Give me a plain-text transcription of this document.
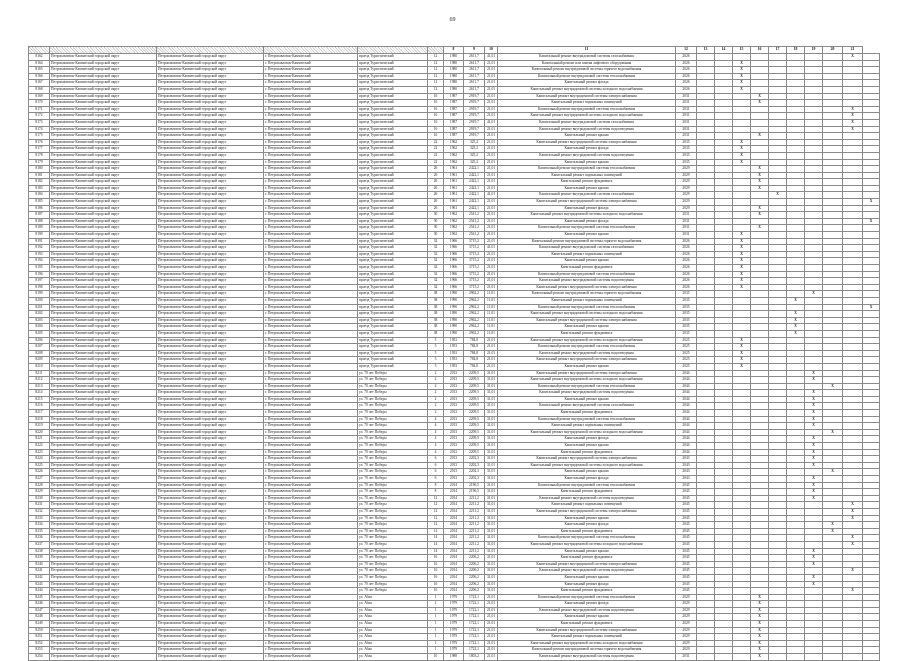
69
						8	9	10	11	12	13	14	15	16	17	18	19	20	21	
8162	Петропавловск-Камчатский городской округ	Петропавловск-Камчатский городской округ	г. Петропавловск-Камчатский	проезд Туристический	12	1980	2611,7	41,01	Капитальный ремонт внутридомовой системы газоснабжения	2026									X	
8164	Петропавловск-Камчатский городской округ	Петропавловск-Камчатский городской округ	г. Петропавловск-Камчатский	проезд Туристический	12	1980	2611,7	21,01	Капитальный ремонт или замена лифтового оборудования	2026			X							
8165	Петропавловск-Камчатский городской округ	Петропавловск-Камчатский городской округ	г. Петропавловск-Камчатский	проезд Туристический	12	1980	2611,7	21,01	Капитальный ремонт внутридомовой системы горячего водоснабжения	2026			X							
8166	Петропавловск-Камчатский городской округ	Петропавловск-Камчатский городской округ	г. Петропавловск-Камчатский	проезд Туристический	12	1980	2611,7	21,01	Капитальный ремонт внутридомовой системы теплоснабжения	2026			X							
8167	Петропавловск-Камчатский городской округ	Петропавловск-Камчатский городской округ	г. Петропавловск-Камчатский	проезд Туристический	12	1980	2611,7	21,01	Капитальный ремонт фасада	2026			X							
8168	Петропавловск-Камчатский городской округ	Петропавловск-Камчатский городской округ	г. Петропавловск-Камчатский	проезд Туристический	12	1980	2611,7	21,01	Капитальный ремонт внутридомовой системы холодного водоснабжения	2026			X							
8169	Петропавловск-Камчатский городской округ	Петропавловск-Камчатский городской округ	г. Петропавловск-Камчатский	проезд Туристический	16	1987	2919,7	21,01	Капитальный ремонт внутридомовой системы электроснабжения	2031				X						
8170	Петропавловск-Камчатский городской округ	Петропавловск-Камчатский городской округ	г. Петропавловск-Камчатский	проезд Туристический	16	1987	2919,7	21,01	Капитальный ремонт подвальных помещений	2031				X						
8171	Петропавловск-Камчатский городской округ	Петропавловск-Камчатский городской округ	г. Петропавловск-Камчатский	проезд Туристический	16	1987	2919,7	21,01	Капитальный ремонт внутридомовой системы теплоснабжения	2031									X	
8172	Петропавловск-Камчатский городской округ	Петропавловск-Камчатский городской округ	г. Петропавловск-Камчатский	проезд Туристический	16	1987	2919,7	21,01	Капитальный ремонт внутридомовой системы холодного водоснабжения	2031									X	
8173	Петропавловск-Камчатский городской округ	Петропавловск-Камчатский городской округ	г. Петропавловск-Камчатский	проезд Туристический	16	1987	2919,7	41,01	Капитальный ремонт внутридомовой системы газоснабжения	2031									X	
8174	Петропавловск-Камчатский городской округ	Петропавловск-Камчатский городской округ	г. Петропавловск-Камчатский	проезд Туристический	16	1987	2919,7	21,01	Капитальный ремонт внутридомовой системы водоотведения	2031									X	
8175	Петропавловск-Камчатский городской округ	Петропавловск-Камчатский городской округ	г. Петропавловск-Камчатский	проезд Туристический	16	1987	2919,7	21,01	Капитальный ремонт крыши	2031				X						
8176	Петропавловск-Камчатский городской округ	Петропавловск-Камчатский городской округ	г. Петропавловск-Камчатский	проезд Туристический	22	1962	325,2	21,01	Капитальный ремонт внутридомовой системы электроснабжения	2035			X							
8177	Петропавловск-Камчатский городской округ	Петропавловск-Камчатский городской округ	г. Петропавловск-Камчатский	проезд Туристический	22	1962	325,2	21,01	Капитальный ремонт фасада	2035			X							
8178	Петропавловск-Камчатский городской округ	Петропавловск-Камчатский городской округ	г. Петропавловск-Камчатский	проезд Туристический	22	1962	325,2	21,01	Капитальный ремонт внутридомовой системы водоотведения	2035			X							
8179	Петропавловск-Камчатский городской округ	Петропавловск-Камчатский городской округ	г. Петропавловск-Камчатский	проезд Туристический	22	1962	325,2	21,01	Капитальный ремонт крыши	2035			X							
8180	Петропавловск-Камчатский городской округ	Петропавловск-Камчатский городской округ	г. Петропавловск-Камчатский	проезд Туристический	26	1961	2422,1	21,01	Капитальный ремонт внутридомовой системы теплоснабжения	2029				X						
8181	Петропавловск-Камчатский городской округ	Петропавловск-Камчатский городской округ	г. Петропавловск-Камчатский	проезд Туристический	26	1961	2422,1	21,01	Капитальный ремонт подвальных помещений	2029				X						
8182	Петропавловск-Камчатский городской округ	Петропавловск-Камчатский городской округ	г. Петропавловск-Камчатский	проезд Туристический	26	1961	2422,1	21,01	Капитальный ремонт фундамента	2029				X						
8183	Петропавловск-Камчатский городской округ	Петропавловск-Камчатский городской округ	г. Петропавловск-Камчатский	проезд Туристический	26	1961	2422,1	21,01	Капитальный ремонт крыши	2029				X						
8184	Петропавловск-Камчатский городской округ	Петропавловск-Камчатский городской округ	г. Петропавловск-Камчатский	проезд Туристический	26	1961	2422,1	41,01	Капитальный ремонт внутридомовой системы газоснабжения	2029					X					
8185	Петропавловск-Камчатский городской округ	Петропавловск-Камчатский городской округ	г. Петропавловск-Камчатский	проезд Туристический	26	1961	2422,1	21,01	Капитальный ремонт внутридомовой системы электроснабжения	2029										X
8186	Петропавловск-Камчатский городской округ	Петропавловск-Камчатский городской округ	г. Петропавловск-Камчатский	проезд Туристический	26	1961	2422,1	21,01	Капитальный ремонт фасада	2029				X						
8187	Петропавловск-Камчатский городской округ	Петропавловск-Камчатский городской округ	г. Петропавловск-Камчатский	проезд Туристический	30	1962	2541,2	21,01	Капитальный ремонт внутридомовой системы холодного водоснабжения	2031				X						
8188	Петропавловск-Камчатский городской округ	Петропавловск-Камчатский городской округ	г. Петропавловск-Камчатский	проезд Туристический	30	1962	2541,2	21,01	Капитальный ремонт фасада	2031										X
8189	Петропавловск-Камчатский городской округ	Петропавловск-Камчатский городской округ	г. Петропавловск-Камчатский	проезд Туристический	30	1962	2541,2	21,01	Капитальный ремонт внутридомовой системы теплоснабжения	2031				X						
8190	Петропавловск-Камчатский городской округ	Петропавловск-Камчатский городской округ	г. Петропавловск-Камчатский	проезд Туристический	30	1962	2541,2	21,01	Капитальный ремонт крыши	2031			X							
8191	Петропавловск-Камчатский городской округ	Петропавловск-Камчатский городской округ	г. Петропавловск-Камчатский	проезд Туристический	32	1966	3715,2	21,01	Капитальный ремонт внутридомовой системы горячего водоснабжения	2026			X							
8192	Петропавловск-Камчатский городской округ	Петропавловск-Камчатский городской округ	г. Петропавловск-Камчатский	проезд Туристический	32	1966	3715,2	41,01	Капитальный ремонт внутридомовой системы газоснабжения	2026			X							
8193	Петропавловск-Камчатский городской округ	Петропавловск-Камчатский городской округ	г. Петропавловск-Камчатский	проезд Туристический	32	1966	3715,2	21,01	Капитальный ремонт подвальных помещений	2026			X							
8194	Петропавловск-Камчатский городской округ	Петропавловск-Камчатский городской округ	г. Петропавловск-Камчатский	проезд Туристический	32	1966	3715,2	21,01	Капитальный ремонт крыши	2026			X							
8195	Петропавловск-Камчатский городской округ	Петропавловск-Камчатский городской округ	г. Петропавловск-Камчатский	проезд Туристический	32	1966	3715,2	21,01	Капитальный ремонт фундамента	2026			X							
8196	Петропавловск-Камчатский городской округ	Петропавловск-Камчатский городской округ	г. Петропавловск-Камчатский	проезд Туристический	32	1966	3715,2	21,01	Капитальный ремонт внутридомовой системы теплоснабжения	2026			X							
8197	Петропавловск-Камчатский городской округ	Петропавловск-Камчатский городской округ	г. Петропавловск-Камчатский	проезд Туристический	32	1966	3715,2	21,01	Капитальный ремонт внутридомовой системы водоотведения	2026			X							
8198	Петропавловск-Камчатский городской округ	Петропавловск-Камчатский городской округ	г. Петропавловск-Камчатский	проезд Туристический	32	1966	3715,2	21,01	Капитальный ремонт внутридомовой системы электроснабжения	2026			X							
8199	Петропавловск-Камчатский городской округ	Петропавловск-Камчатский городской округ	г. Петропавловск-Камчатский	проезд Туристический	38	1990	2962,2	11,01	Капитальный ремонт внутридомовой системы горячего водоснабжения	2035							X			
8200	Петропавловск-Камчатский городской округ	Петропавловск-Камчатский городской округ	г. Петропавловск-Камчатский	проезд Туристический	38	1990	2962,2	11,01	Капитальный ремонт подвальных помещений	2035						X				
8201	Петропавловск-Камчатский городской округ	Петропавловск-Камчатский городской округ	г. Петропавловск-Камчатский	проезд Туристический	38	1990	2962,2	11,01	Капитальный ремонт внутридомовой системы теплоснабжения	2035										X
8202	Петропавловск-Камчатский городской округ	Петропавловск-Камчатский городской округ	г. Петропавловск-Камчатский	проезд Туристический	38	1990	2962,2	11,01	Капитальный ремонт внутридомовой системы холодного водоснабжения	2035						X				
8203	Петропавловск-Камчатский городской округ	Петропавловск-Камчатский городской округ	г. Петропавловск-Камчатский	проезд Туристический	38	1990	2962,2	11,01	Капитальный ремонт внутридомовой системы электроснабжения	2035						X				
8204	Петропавловск-Камчатский городской округ	Петропавловск-Камчатский городской округ	г. Петропавловск-Камчатский	проезд Туристический	38	1990	2962,2	11,01	Капитальный ремонт крыши	2035						X				
8205	Петропавловск-Камчатский городской округ	Петропавловск-Камчатский городской округ	г. Петропавловск-Камчатский	проезд Туристический	38	1990	2962,2	11,01	Капитальный ремонт фундамента	2035						X				
8206	Петропавловск-Камчатский городской округ	Петропавловск-Камчатский городской округ	г. Петропавловск-Камчатский	проезд Туристический	5	1953	784,8	21,01	Капитальный ремонт внутридомовой системы холодного водоснабжения	2025			X							
8207	Петропавловск-Камчатский городской округ	Петропавловск-Камчатский городской округ	г. Петропавловск-Камчатский	проезд Туристический	5	1953	784,8	21,01	Капитальный ремонт внутридомовой системы теплоснабжения	2025			X							
8208	Петропавловск-Камчатский городской округ	Петропавловск-Камчатский городской округ	г. Петропавловск-Камчатский	проезд Туристический	5	1953	784,8	21,01	Капитальный ремонт внутридомовой системы водоотведения	2025			X							
8209	Петропавловск-Камчатский городской округ	Петропавловск-Камчатский городской округ	г. Петропавловск-Камчатский	проезд Туристический	5	1953	784,8	21,01	Капитальный ремонт внутридомовой системы электроснабжения	2025			X							
8210	Петропавловск-Камчатский городской округ	Петропавловск-Камчатский городской округ	г. Петропавловск-Камчатский	проезд Туристический	5	1953	784,8	21,01	Капитальный ремонт крыши	2025			X							
8211	Петропавловск-Камчатский городской округ	Петропавловск-Камчатский городской округ	г. Петропавловск-Камчатский	ул. 70 лет Победы	2	2013	2209,5	31,01	Капитальный ремонт внутридомовой системы электроснабжения	2044							X			
8212	Петропавловск-Камчатский городской округ	Петропавловск-Камчатский городской округ	г. Петропавловск-Камчатский	ул. 70 лет Победы	2	2013	2209,5	31,01	Капитальный ремонт внутридомовой системы холодного водоснабжения	2044							X			
8213	Петропавловск-Камчатский городской округ	Петропавловск-Камчатский городской округ	г. Петропавловск-Камчатский	ул. 70 лет Победы	2	2013	2209,5	31,01	Капитальный ремонт внутридомовой системы теплоснабжения	2044								X		
8214	Петропавловск-Камчатский городской округ	Петропавловск-Камчатский городской округ	г. Петропавловск-Камчатский	ул. 70 лет Победы	2	2013	2209,5	31,01	Капитальный ремонт внутридомовой системы водоотведения	2044							X			
8215	Петропавловск-Камчатский городской округ	Петропавловск-Камчатский городской округ	г. Петропавловск-Камчатский	ул. 70 лет Победы	2	2013	2209,5	31,01	Капитальный ремонт крыши	2044							X			
8216	Петропавловск-Камчатский городской округ	Петропавловск-Камчатский городской округ	г. Петропавловск-Камчатский	ул. 70 лет Победы	2	2013	2209,5	31,01	Капитальный ремонт внутридомовой системы газоснабжения	2044							X			
8217	Петропавловск-Камчатский городской округ	Петропавловск-Камчатский городской округ	г. Петропавловск-Камчатский	ул. 70 лет Победы	2	2013	2209,5	31,01	Капитальный ремонт фундамента	2044							X			
8218	Петропавловск-Камчатский городской округ	Петропавловск-Камчатский городской округ	г. Петропавловск-Камчатский	ул. 70 лет Победы	4	2013	2209,5	31,01	Капитальный ремонт внутридомовой системы теплоснабжения	2044							X			
8219	Петропавловск-Камчатский городской округ	Петропавловск-Камчатский городской округ	г. Петропавловск-Камчатский	ул. 70 лет Победы	4	2013	2209,5	31,01	Капитальный ремонт подвальных помещений	2044							X			
8220	Петропавловск-Камчатский городской округ	Петропавловск-Камчатский городской округ	г. Петропавловск-Камчатский	ул. 70 лет Победы	4	2013	2209,5	31,01	Капитальный ремонт внутридомовой системы холодного водоснабжения	2044								X		
8221	Петропавловск-Камчатский городской округ	Петропавловск-Камчатский городской округ	г. Петропавловск-Камчатский	ул. 70 лет Победы	4	2013	2209,5	31,01	Капитальный ремонт фасада	2044							X			
8222	Петропавловск-Камчатский городской округ	Петропавловск-Камчатский городской округ	г. Петропавловск-Камчатский	ул. 70 лет Победы	4	2013	2209,5	31,01	Капитальный ремонт крыши	2044							X			
8223	Петропавловск-Камчатский городской округ	Петропавловск-Камчатский городской округ	г. Петропавловск-Камчатский	ул. 70 лет Победы	4	2013	2209,5	31,01	Капитальный ремонт фундамента	2044							X			
8224	Петропавловск-Камчатский городской округ	Петропавловск-Камчатский городской округ	г. Петропавловск-Камчатский	ул. 70 лет Победы	6	2013	2202,3	31,01	Капитальный ремонт внутридомовой системы электроснабжения	2043							X			
8225	Петропавловск-Камчатский городской округ	Петропавловск-Камчатский городской округ	г. Петропавловск-Камчатский	ул. 70 лет Победы	6	2013	2202,3	31,01	Капитальный ремонт внутридомовой системы холодного водоснабжения	2043							X			
8226	Петропавловск-Камчатский городской округ	Петропавловск-Камчатский городской округ	г. Петропавловск-Камчатский	ул. 70 лет Победы	6	2013	2202,3	31,01	Капитальный ремонт крыши	2043								X		
8227	Петропавловск-Камчатский городской округ	Петропавловск-Камчатский городской округ	г. Петропавловск-Камчатский	ул. 70 лет Победы	6	2013	2202,3	31,01	Капитальный ремонт фасада	2043							X			
8228	Петропавловск-Камчатский городской округ	Петропавловск-Камчатский городской округ	г. Петропавловск-Камчатский	ул. 70 лет Победы	8	2014	2196,5	31,01	Капитальный ремонт внутридомовой системы теплоснабжения	2045							X			
8229	Петропавловск-Камчатский городской округ	Петропавловск-Камчатский городской округ	г. Петропавловск-Камчатский	ул. 70 лет Победы	8	2014	2196,5	31,01	Капитальный ремонт фундамента	2045							X			
8230	Петропавловск-Камчатский городской округ	Петропавловск-Камчатский городской округ	г. Петропавловск-Камчатский	ул. 70 лет Победы	12	2014	2211,2	31,01	Капитальный ремонт внутридомовой системы водоотведения	2045							X			
8231	Петропавловск-Камчатский городской округ	Петропавловск-Камчатский городской округ	г. Петропавловск-Камчатский	ул. 70 лет Победы	12	2014	2211,2	31,01	Капитальный ремонт подвальных помещений	2045									X	
8232	Петропавловск-Камчатский городской округ	Петропавловск-Камчатский городской округ	г. Петропавловск-Камчатский	ул. 70 лет Победы	12	2014	2211,2	31,01	Капитальный ремонт внутридомовой системы электроснабжения	2045									X	
8233	Петропавловск-Камчатский городской округ	Петропавловск-Камчатский городской округ	г. Петропавловск-Камчатский	ул. 70 лет Победы	12	2014	2211,2	31,01	Капитальный ремонт крыши	2045									X	
8234	Петропавловск-Камчатский городской округ	Петропавловск-Камчатский городской округ	г. Петропавловск-Камчатский	ул. 70 лет Победы	12	2014	2211,2	31,01	Капитальный ремонт фасада	2045								X		
8235	Петропавловск-Камчатский городской округ	Петропавловск-Камчатский городской округ	г. Петропавловск-Камчатский	ул. 70 лет Победы	12	2014	2211,2	31,01	Капитальный ремонт фундамента	2045								X		
8236	Петропавловск-Камчатский городской округ	Петропавловск-Камчатский городской округ	г. Петропавловск-Камчатский	ул. 70 лет Победы	14	2014	2211,2	31,01	Капитальный ремонт внутридомовой системы теплоснабжения	2045									X	
8237	Петропавловск-Камчатский городской округ	Петропавловск-Камчатский городской округ	г. Петропавловск-Камчатский	ул. 70 лет Победы	14	2014	2211,2	31,01	Капитальный ремонт внутридомовой системы холодного водоснабжения	2045									X	
8238	Петропавловск-Камчатский городской округ	Петропавловск-Камчатский городской округ	г. Петропавловск-Камчатский	ул. 70 лет Победы	14	2014	2211,2	31,01	Капитальный ремонт крыши	2045							X			
8239	Петропавловск-Камчатский городской округ	Петропавловск-Камчатский городской округ	г. Петропавловск-Камчатский	ул. 70 лет Победы	16	2014	2206,2	31,01	Капитальный ремонт фундамента	2045							X			
8240	Петропавловск-Камчатский городской округ	Петропавловск-Камчатский городской округ	г. Петропавловск-Камчатский	ул. 70 лет Победы	16	2014	2206,2	31,01	Капитальный ремонт внутридомовой системы электроснабжения	2045							X			
8241	Петропавловск-Камчатский городской округ	Петропавловск-Камчатский городской округ	г. Петропавловск-Камчатский	ул. 70 лет Победы	16	2014	2206,2	31,01	Капитальный ремонт внутридомовой системы водоотведения	2045									X	
8242	Петропавловск-Камчатский городской округ	Петропавловск-Камчатский городской округ	г. Петропавловск-Камчатский	ул. 70 лет Победы	16	2014	2206,2	31,01	Капитальный ремонт крыши	2045							X			
8243	Петропавловск-Камчатский городской округ	Петропавловск-Камчатский городской округ	г. Петропавловск-Камчатский	ул. 70 лет Победы	16	2014	2206,2	31,01	Капитальный ремонт фасада	2045							X			
8244	Петропавловск-Камчатский городской округ	Петропавловск-Камчатский городской округ	г. Петропавловск-Камчатский	ул. 70 лет Победы	16	2014	2206,2	31,01	Капитальный ремонт фундамента	2045									X	
8245	Петропавловск-Камчатский городской округ	Петропавловск-Камчатский городской округ	г. Петропавловск-Камчатский	ул. Абая	1	1979	1722,1	21,01	Капитальный ремонт внутридомовой системы теплоснабжения	2029				X						
8246	Петропавловск-Камчатский городской округ	Петропавловск-Камчатский городской округ	г. Петропавловск-Камчатский	ул. Абая	1	1979	1722,1	21,01	Капитальный ремонт фасада	2029				X						
8247	Петропавловск-Камчатский городской округ	Петропавловск-Камчатский городской округ	г. Петропавловск-Камчатский	ул. Абая	1	1979	1722,1	21,01	Капитальный ремонт внутридомовой системы водоотведения	2029				X						
8248	Петропавловск-Камчатский городской округ	Петропавловск-Камчатский городской округ	г. Петропавловск-Камчатский	ул. Абая	1	1979	1722,1	21,01	Капитальный ремонт крыши	2029				X						
8249	Петропавловск-Камчатский городской округ	Петропавловск-Камчатский городской округ	г. Петропавловск-Камчатский	ул. Абая	1	1979	1722,1	21,01	Капитальный ремонт фундамента	2029				X						
8250	Петропавловск-Камчатский городской округ	Петропавловск-Камчатский городской округ	г. Петропавловск-Камчатский	ул. Абая	1	1979	1722,1	21,01	Капитальный ремонт внутридомовой системы электроснабжения	2029				X						
8251	Петропавловск-Камчатский городской округ	Петропавловск-Камчатский городской округ	г. Петропавловск-Камчатский	ул. Абая	1	1979	1722,1	21,01	Капитальный ремонт подвальных помещений	2029				X						
8252	Петропавловск-Камчатский городской округ	Петропавловск-Камчатский городской округ	г. Петропавловск-Камчатский	ул. Абая	1	1979	1722,1	21,01	Капитальный ремонт внутридомовой системы холодного водоснабжения	2029				X						
8253	Петропавловск-Камчатский городской округ	Петропавловск-Камчатский городской округ	г. Петропавловск-Камчатский	ул. Абая	1	1979	1722,1	21,01	Капитальный ремонт внутридомовой системы горячего водоснабжения	2029				X						
8254	Петропавловск-Камчатский городской округ	Петропавловск-Камчатский городской округ	г. Петропавловск-Камчатский	ул. Абая	10	1988	1803,2	21,01	Капитальный ремонт внутридомовой системы водоотведения	2031				X						
